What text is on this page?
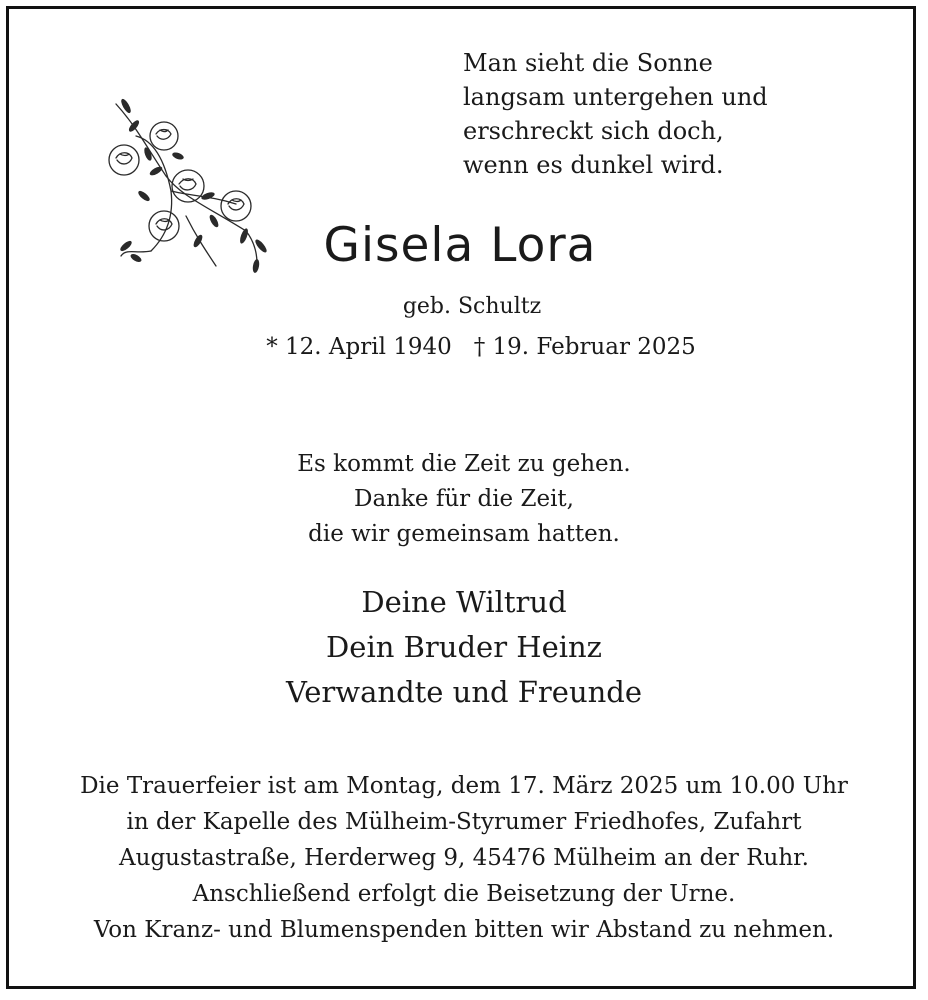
Man sieht die Sonne
langsam untergehen und
erschreckt sich doch,
wenn es dunkel wird.
Gisela Lora
geb. Schultz
* 12. April 1940   † 19. Februar 2025
Es kommt die Zeit zu gehen.
Danke für die Zeit,
die wir gemeinsam hatten.
Deine Wiltrud
Dein Bruder Heinz
Verwandte und Freunde
Die Trauerfeier ist am Montag, dem 17. März 2025 um 10.00 Uhr
in der Kapelle des Mülheim-Styrumer Friedhofes, Zufahrt
Augustastraße, Herderweg 9, 45476 Mülheim an der Ruhr.
Anschließend erfolgt die Beisetzung der Urne.
Von Kranz- und Blumenspenden bitten wir Abstand zu nehmen.
